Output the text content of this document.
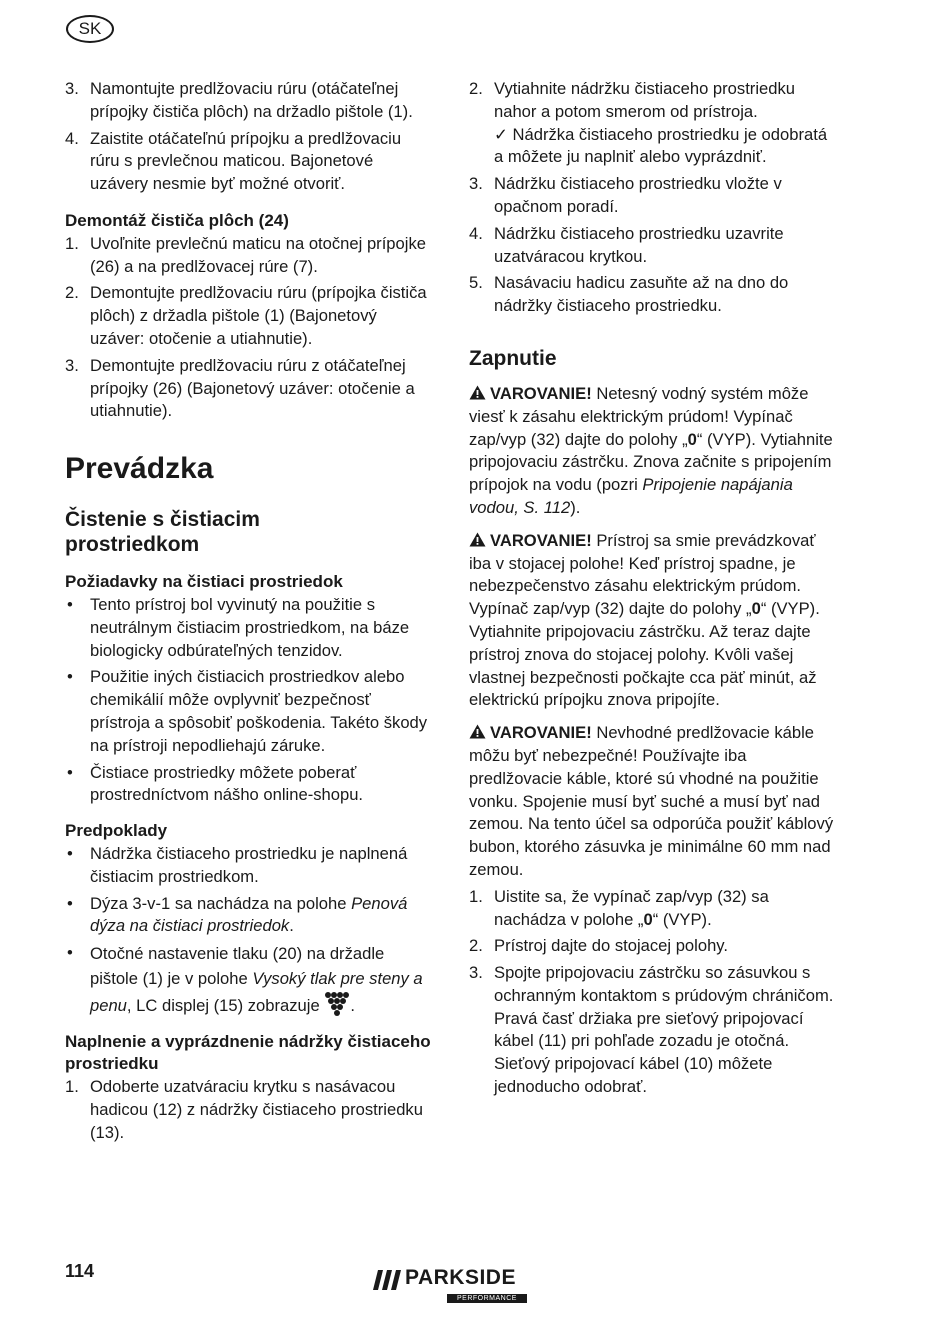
SK
3. Namontujte predlžovaciu rúru (otáčateľnej prípojky čističa plôch) na držadlo pištole (1).
4. Zaistite otáčateľnú prípojku a predlžovaciu rúru s prevlečnou maticou. Bajonetové uzávery nesmie byť možné otvoriť.

Demontáž čističa plôch (24)

1. Uvoľnite prevlečnú maticu na otočnej prípojke (26) a na predlžovacej rúre (7).
2. Demontujte predlžovaciu rúru (prípojka čističa plôch) z držadla pištole (1) (Bajonetový uzáver: otočenie a utiahnutie).
3. Demontujte predlžovaciu rúru z otáčateľnej prípojky (26) (Bajonetový uzáver: otočenie a utiahnutie).

Prevádzka

Čistenie s čistiacim prostriedkom

Požiadavky na čistiaci prostriedok

•	Tento prístroj bol vyvinutý na použitie s neutrálnym čistiacim prostriedkom, na báze biologicky odbúrateľných tenzidov.
•	Použitie iných čistiacich prostriedkov alebo chemikálií môže ovplyvniť bezpečnosť prístroja a spôsobiť poškodenia. Takéto škody na prístroji nepodliehajú záruke.
•	Čistiace prostriedky môžete poberať prostredníctvom nášho online-shopu.

Predpoklady

•	Nádržka čistiaceho prostriedku je naplnená čistiacim prostriedkom.
•	Dýza 3-v-1 sa nachádza na polohe Penová dýza na čistiaci prostriedok.
•	Otočné nastavenie tlaku (20) na držadle pištole (1) je v polohe Vysoký tlak pre steny a penu, LC displej (15) zobrazuje .

Naplnenie a vyprázdnenie nádržky čistiaceho prostriedku

1. Odoberte uzatváraciu krytku s nasávacou hadicou (12) z nádržky čistiaceho prostriedku (13).
2. Vytiahnite nádržku čistiaceho prostriedku nahor a potom smerom od prístroja.
✓ Nádržka čistiaceho prostriedku je odobratá a môžete ju naplniť alebo vyprázdniť.
3. Nádržku čistiaceho prostriedku vložte v opačnom poradí.
4. Nádržku čistiaceho prostriedku uzavrite uzatváracou krytkou.
5. Nasávaciu hadicu zasuňte až na dno do nádržky čistiaceho prostriedku.

Zapnutie

VAROVANIE! Netesný vodný systém môže viesť k zásahu elektrickým prúdom! Vypínač zap/vyp (32) dajte do polohy „0“ (VYP). Vytiahnite pripojovaciu zástrčku. Znova začnite s pripojením prípojok na vodu (pozri Pripojenie napájania vodou, S. 112).

VAROVANIE! Prístroj sa smie prevádzkovať iba v stojacej polohe! Keď prístroj spadne, je nebezpečenstvo zásahu elektrickým prúdom. Vypínač zap/vyp (32) dajte do polohy „0“ (VYP). Vytiahnite pripojovaciu zástrčku. Až teraz dajte prístroj znova do stojacej polohy. Kvôli vašej vlastnej bezpečnosti počkajte cca päť minút, až elektrickú prípojku znova pripojíte.

VAROVANIE! Nevhodné predlžovacie káble môžu byť nebezpečné! Používajte iba predlžovacie káble, ktoré sú vhodné na použitie vonku. Spojenie musí byť suché a musí byť nad zemou. Na tento účel sa odporúča použiť káblový bubon, ktorého zásuvka je minimálne 60 mm nad zemou.

1. Uistite sa, že vypínač zap/vyp (32) sa nachádza v polohe „0“ (VYP).
2. Prístroj dajte do stojacej polohy.
3. Spojte pripojovaciu zástrčku so zásuvkou s ochranným kontaktom s prúdovým chráničom.
Pravá časť držiaka pre sieťový pripojovací kábel (11) pri pohľade zozadu je otočná. Sieťový pripojovací kábel (10) môžete jednoducho odobrať.
114	PARKSIDE
PERFORMANCE
